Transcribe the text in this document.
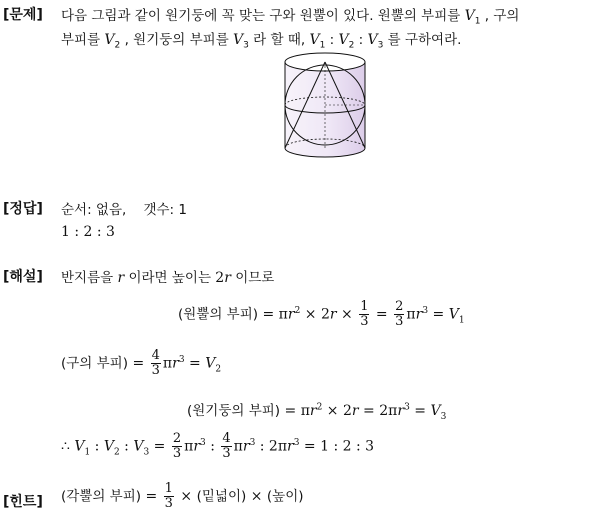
[문제] 다음 그림과 같이 원기둥에 꼭 맞는 구와 원뿔이 있다. 원뿔의 부피를 $V_1$ , 구의
부피를 $V_2$ , 원기둥의 부피를 $V_3$ 라 할 때, $V_1$ : $V_2$ : $V_3$ 를 구하여라.
[정답] 순서: 없음,    갯수: 1
1 : 2 : 3
[해설] 반지름을 r 이라면 높이는 2r 이므로
(원뿔의 부피) = $\pi r^2 \times 2r \times \frac{1}{3} = \frac{2}{3} \pi r^3 = V_1$
(구의 부피) = $\frac{4}{3} \pi r^3 = V_2$
(원기둥의 부피) = $\pi r^2 \times 2r = 2\pi r^3 = V_3$
∴ $V_1$ : $V_2$ : $V_3 = \frac{2}{3} \pi r^3$ : $\frac{4}{3} \pi r^3$ : $2\pi r^3 = 1$ : 2 : 3
[힌트] (각뿔의 부피) = $\frac{1}{3}$ × (밑넓이) × (높이)
